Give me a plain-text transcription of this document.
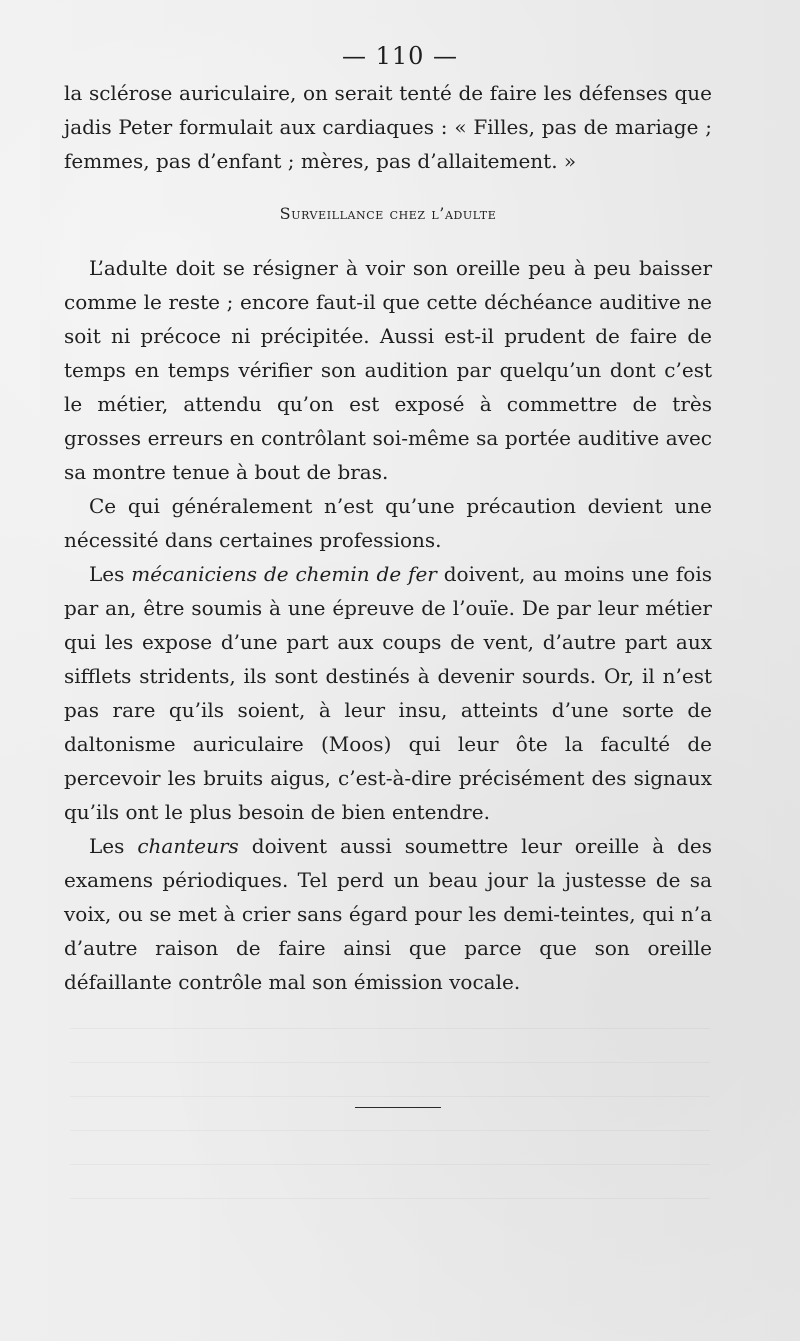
— 110 —

la sclérose auriculaire, on serait tenté de faire les défenses que jadis Peter formulait aux cardiaques : « Filles, pas de mariage ; femmes, pas d’enfant ; mères, pas d’allaitement. »

Surveillance chez l’adulte

L’adulte doit se résigner à voir son oreille peu à peu baisser comme le reste ; encore faut-il que cette déchéance auditive ne soit ni précoce ni précipitée. Aussi est-il prudent de faire de temps en temps vérifier son audition par quelqu’un dont c’est le métier, attendu qu’on est exposé à commettre de très grosses erreurs en contrôlant soi-même sa portée auditive avec sa montre tenue à bout de bras.

Ce qui généralement n’est qu’une précaution devient une nécessité dans certaines professions.

Les mécaniciens de chemin de fer doivent, au moins une fois par an, être soumis à une épreuve de l’ouïe. De par leur métier qui les expose d’une part aux coups de vent, d’autre part aux sifflets stridents, ils sont destinés à devenir sourds. Or, il n’est pas rare qu’ils soient, à leur insu, atteints d’une sorte de daltonisme auriculaire (Moos) qui leur ôte la faculté de percevoir les bruits aigus, c’est-à-dire précisément des signaux qu’ils ont le plus besoin de bien entendre.

Les chanteurs doivent aussi soumettre leur oreille à des examens périodiques. Tel perd un beau jour la justesse de sa voix, ou se met à crier sans égard pour les demi-teintes, qui n’a d’autre raison de faire ainsi que parce que son oreille défaillante contrôle mal son émission vocale.
